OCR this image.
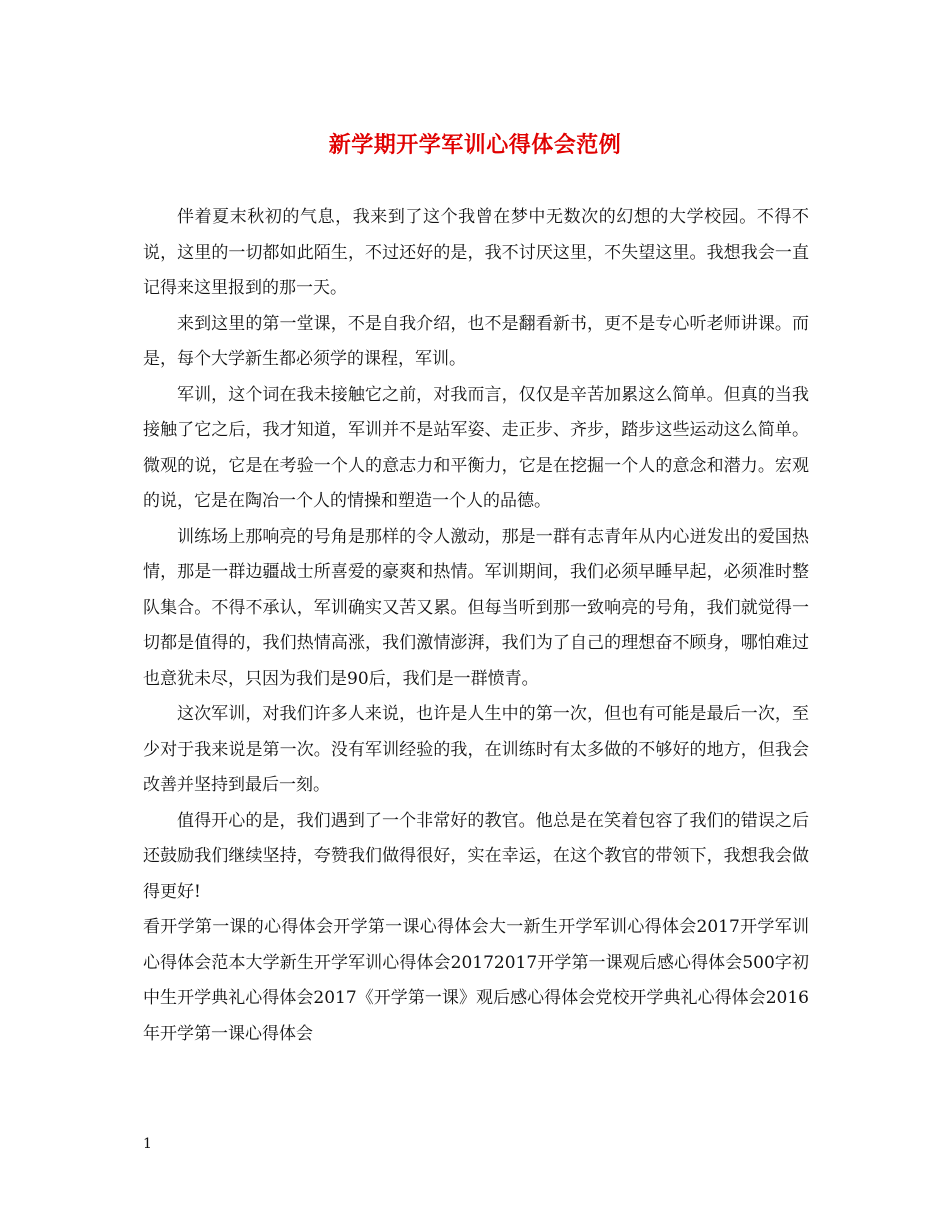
新学期开学军训心得体会范例

伴着夏末秋初的气息，我来到了这个我曾在梦中无数次的幻想的大学校园。不得不说，这里的一切都如此陌生，不过还好的是，我不讨厌这里，不失望这里。我想我会一直记得来这里报到的那一天。

来到这里的第一堂课，不是自我介绍，也不是翻看新书，更不是专心听老师讲课。而是，每个大学新生都必须学的课程，军训。

军训，这个词在我未接触它之前，对我而言，仅仅是辛苦加累这么简单。但真的当我接触了它之后，我才知道，军训并不是站军姿、走正步、齐步，踏步这些运动这么简单。微观的说，它是在考验一个人的意志力和平衡力，它是在挖掘一个人的意念和潜力。宏观的说，它是在陶冶一个人的情操和塑造一个人的品德。

训练场上那响亮的号角是那样的令人激动，那是一群有志青年从内心迸发出的爱国热情，那是一群边疆战士所喜爱的豪爽和热情。军训期间，我们必须早睡早起，必须准时整队集合。不得不承认，军训确实又苦又累。但每当听到那一致响亮的号角，我们就觉得一切都是值得的，我们热情高涨，我们激情澎湃，我们为了自己的理想奋不顾身，哪怕难过也意犹未尽，只因为我们是90后，我们是一群愤青。

这次军训，对我们许多人来说，也许是人生中的第一次，但也有可能是最后一次，至少对于我来说是第一次。没有军训经验的我，在训练时有太多做的不够好的地方，但我会改善并坚持到最后一刻。

值得开心的是，我们遇到了一个非常好的教官。他总是在笑着包容了我们的错误之后还鼓励我们继续坚持，夸赞我们做得很好，实在幸运，在这个教官的带领下，我想我会做得更好!

看开学第一课的心得体会开学第一课心得体会大一新生开学军训心得体会2017开学军训心得体会范本大学新生开学军训心得体会20172017开学第一课观后感心得体会500字初中生开学典礼心得体会2017《开学第一课》观后感心得体会党校开学典礼心得体会2016年开学第一课心得体会

1
